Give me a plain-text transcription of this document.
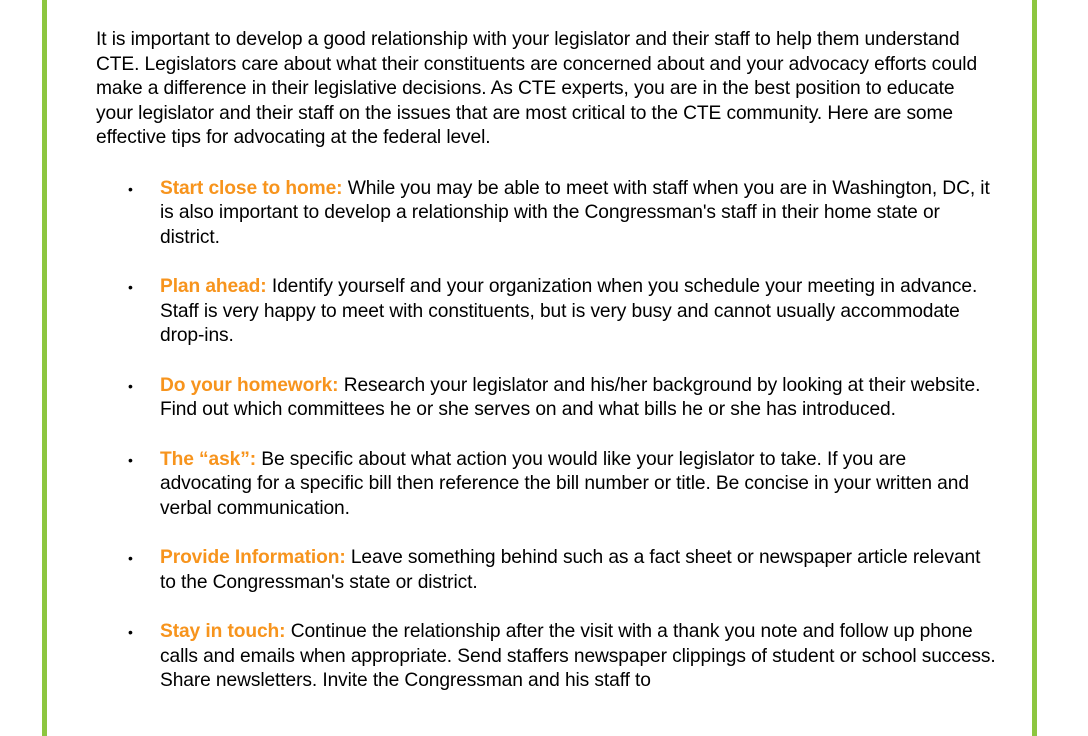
It is important to develop a good relationship with your legislator and their staff to help them understand CTE. Legislators care about what their constituents are concerned about and your advocacy efforts could make a difference in their legislative decisions. As CTE experts, you are in the best position to educate your legislator and their staff on the issues that are most critical to the CTE community. Here are some effective tips for advocating at the federal level.

•	Start close to home: While you may be able to meet with staff when you are in Washington, DC, it is also important to develop a relationship with the Congressman's staff in their home state or district.
•	Plan ahead: Identify yourself and your organization when you schedule your meeting in advance. Staff is very happy to meet with constituents, but is very busy and cannot usually accommodate drop-ins.
•	Do your homework: Research your legislator and his/her background by looking at their website. Find out which committees he or she serves on and what bills he or she has introduced.
•	The “ask”: Be specific about what action you would like your legislator to take. If you are advocating for a specific bill then reference the bill number or title. Be concise in your written and verbal communication.
•	Provide Information: Leave something behind such as a fact sheet or newspaper article relevant to the Congressman's state or district.
•	Stay in touch: Continue the relationship after the visit with a thank you note and follow up phone calls and emails when appropriate. Send staffers newspaper clippings of student or school success. Share newsletters. Invite the Congressman and his staff to
